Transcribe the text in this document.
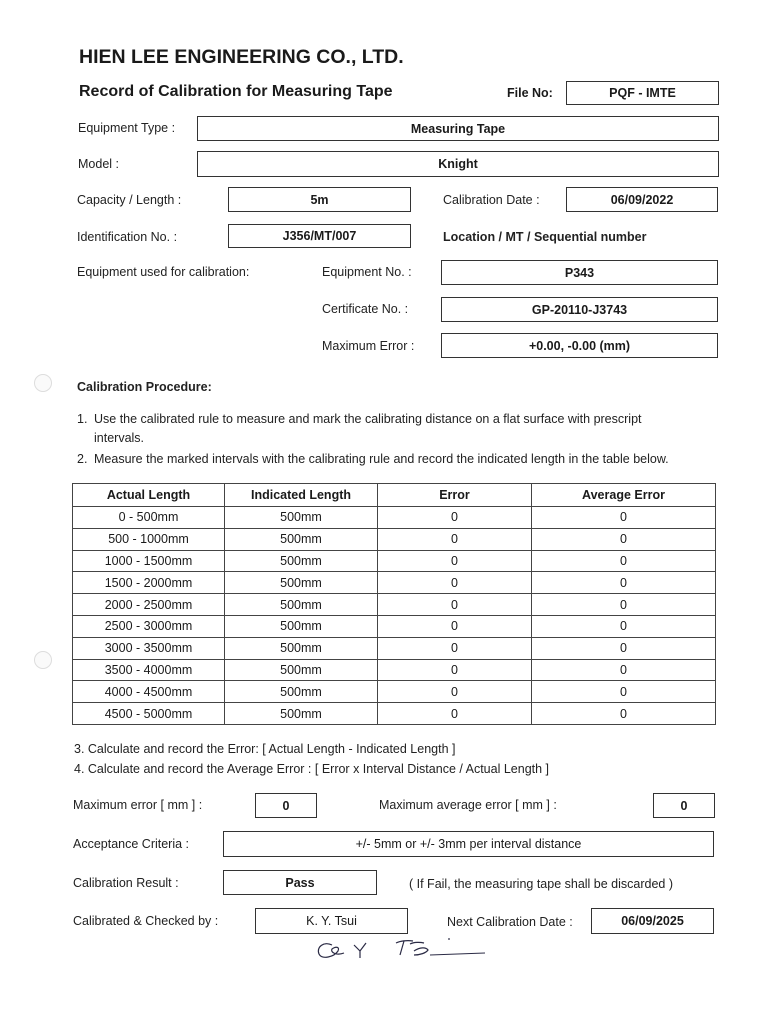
HIEN LEE ENGINEERING CO., LTD.
Record of Calibration for Measuring Tape	File No:	PQF - IMTE
Equipment Type :	Measuring Tape
Model :	Knight
Capacity / Length :	5m	Calibration Date :	06/09/2022
Identification No. :	J356/MT/007	Location / MT / Sequential number
Equipment used for calibration:	Equipment No. :	P343
Certificate No. :	GP-20110-J3743
Maximum Error :	+0.00, -0.00 (mm)
Calibration Procedure:
1. Use the calibrated rule to measure and mark the calibrating distance on a flat surface with prescript
intervals.
2. Measure the marked intervals with the calibrating rule and record the indicated length in the table below.
Actual Length	Indicated Length	Error	Average Error
0 - 500mm	500mm	0	0
500 - 1000mm	500mm	0	0
1000 - 1500mm	500mm	0	0
1500 - 2000mm	500mm	0	0
2000 - 2500mm	500mm	0	0
2500 - 3000mm	500mm	0	0
3000 - 3500mm	500mm	0	0
3500 - 4000mm	500mm	0	0
4000 - 4500mm	500mm	0	0
4500 - 5000mm	500mm	0	0
3. Calculate and record the Error: [ Actual Length - Indicated Length ]
4. Calculate and record the Average Error : [ Error x Interval Distance / Actual Length ]
Maximum error [ mm ] :	0	Maximum average error [ mm ] :	0
Acceptance Criteria :	+/- 5mm or +/- 3mm per interval distance
Calibration Result :	Pass	( If Fail, the measuring tape shall be discarded )
Calibrated & Checked by :	K. Y. Tsui	Next Calibration Date :	06/09/2025
